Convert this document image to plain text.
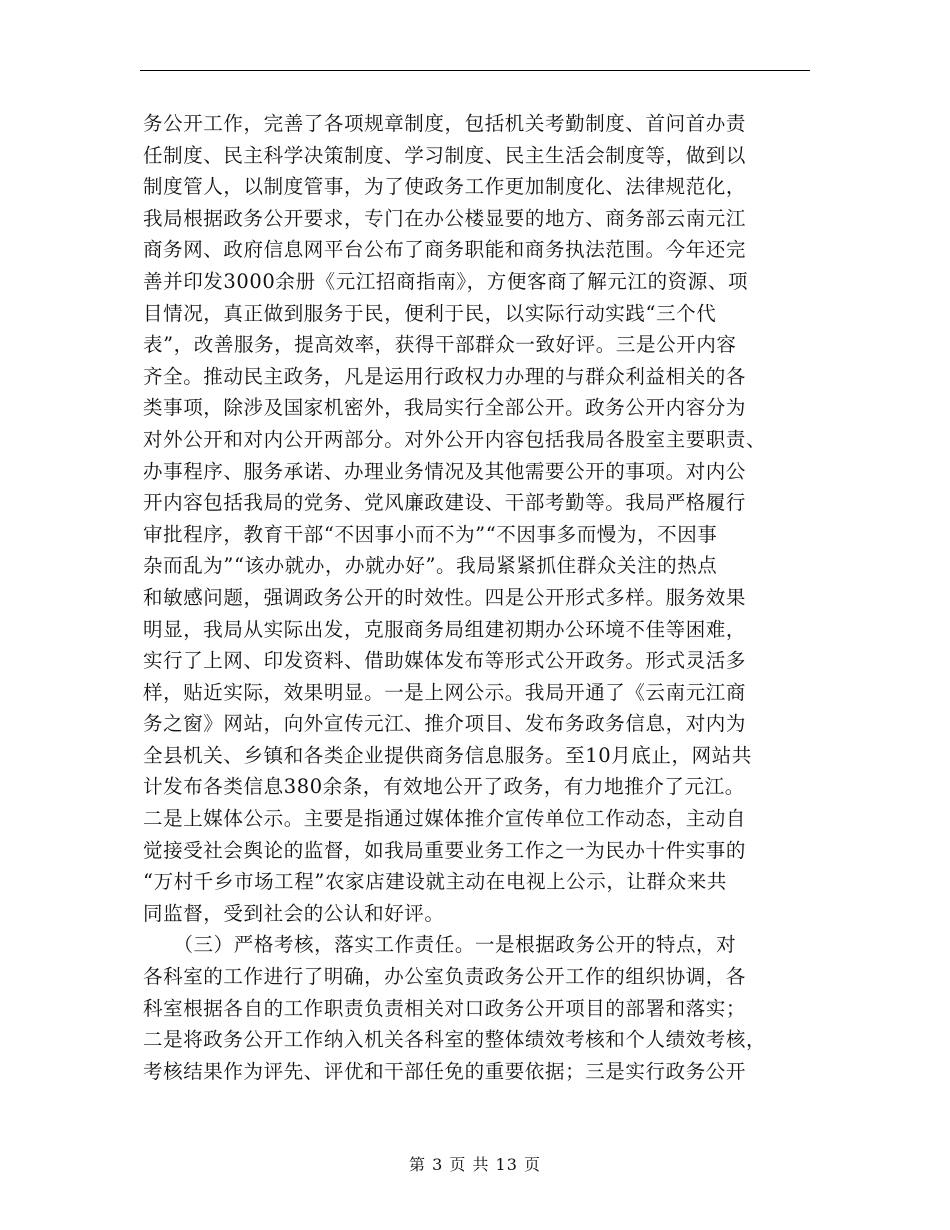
务公开工作，完善了各项规章制度，包括机关考勤制度、首问首办责
任制度、民主科学决策制度、学习制度、民主生活会制度等，做到以
制度管人，以制度管事，为了使政务工作更加制度化、法律规范化，
我局根据政务公开要求，专门在办公楼显要的地方、商务部云南元江
商务网、政府信息网平台公布了商务职能和商务执法范围。今年还完
善并印发3000余册《元江招商指南》，方便客商了解元江的资源、项
目情况，真正做到服务于民，便利于民，以实际行动实践“三个代
表”，改善服务，提高效率，获得干部群众一致好评。三是公开内容
齐全。推动民主政务，凡是运用行政权力办理的与群众利益相关的各
类事项，除涉及国家机密外，我局实行全部公开。政务公开内容分为
对外公开和对内公开两部分。对外公开内容包括我局各股室主要职责、
办事程序、服务承诺、办理业务情况及其他需要公开的事项。对内公
开内容包括我局的党务、党风廉政建设、干部考勤等。我局严格履行
审批程序，教育干部“不因事小而不为”“不因事多而慢为，不因事
杂而乱为”“该办就办，办就办好”。我局紧紧抓住群众关注的热点
和敏感问题，强调政务公开的时效性。四是公开形式多样。服务效果
明显，我局从实际出发，克服商务局组建初期办公环境不佳等困难，
实行了上网、印发资料、借助媒体发布等形式公开政务。形式灵活多
样，贴近实际，效果明显。一是上网公示。我局开通了《云南元江商
务之窗》网站，向外宣传元江、推介项目、发布务政务信息，对内为
全县机关、乡镇和各类企业提供商务信息服务。至10月底止，网站共
计发布各类信息380余条，有效地公开了政务，有力地推介了元江。
二是上媒体公示。主要是指通过媒体推介宣传单位工作动态，主动自
觉接受社会舆论的监督，如我局重要业务工作之一为民办十件实事的
“万村千乡市场工程”农家店建设就主动在电视上公示，让群众来共
同监督，受到社会的公认和好评。
　　（三）严格考核，落实工作责任。一是根据政务公开的特点，对
各科室的工作进行了明确，办公室负责政务公开工作的组织协调，各
科室根据各自的工作职责负责相关对口政务公开项目的部署和落实；
二是将政务公开工作纳入机关各科室的整体绩效考核和个人绩效考核，
考核结果作为评先、评优和干部任免的重要依据；三是实行政务公开
第 3 页 共 13 页
